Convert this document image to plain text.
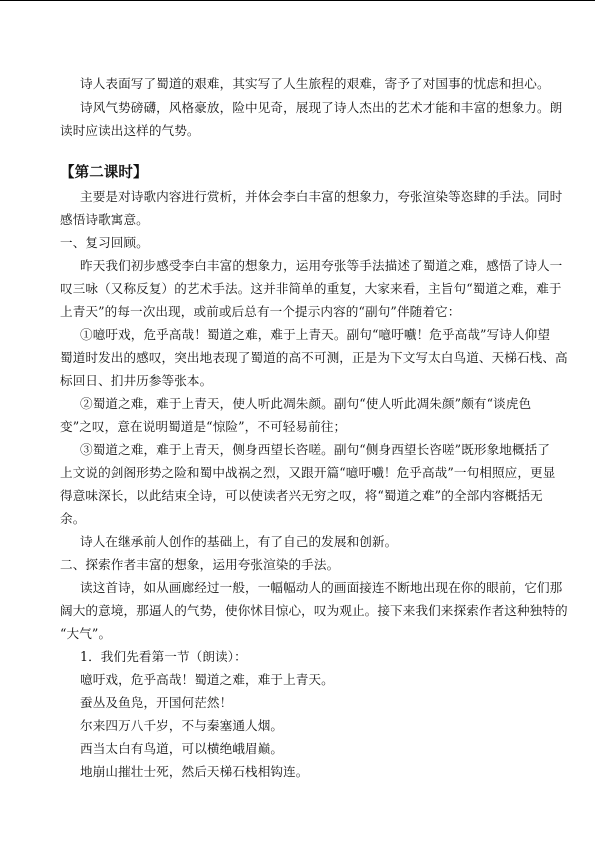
诗人表面写了蜀道的艰难，其实写了人生旅程的艰难，寄予了对国事的忧虑和担心。
诗风气势磅礴，风格豪放，险中见奇，展现了诗人杰出的艺术才能和丰富的想象力。朗
读时应读出这样的气势。
【第二课时】
主要是对诗歌内容进行赏析，并体会李白丰富的想象力，夸张渲染等恣肆的手法。同时
感悟诗歌寓意。
一、复习回顾。
昨天我们初步感受李白丰富的想象力，运用夸张等手法描述了蜀道之难，感悟了诗人一
叹三咏（又称反复）的艺术手法。这并非简单的重复，大家来看，主旨句“蜀道之难，难于
上青天”的每一次出现，或前或后总有一个提示内容的“副句”伴随着它：
①噫吁戏，危乎高哉！蜀道之难，难于上青天。副句“噫吁嚱！危乎高哉”写诗人仰望
蜀道时发出的感叹，突出地表现了蜀道的高不可测，正是为下文写太白鸟道、天梯石栈、高
标回日、扪井历参等张本。
②蜀道之难，难于上青天，使人听此凋朱颜。副句“使人听此凋朱颜”颇有“谈虎色
变”之叹，意在说明蜀道是“惊险”，不可轻易前往；
③蜀道之难，难于上青天，侧身西望长咨嗟。副句“侧身西望长咨嗟”既形象地概括了
上文说的剑阁形势之险和蜀中战祸之烈，又跟开篇“噫吁嚱！危乎高哉”一句相照应，更显
得意味深长，以此结束全诗，可以使读者兴无穷之叹，将“蜀道之难”的全部内容概括无
余。
诗人在继承前人创作的基础上，有了自己的发展和创新。
二、探索作者丰富的想象，运用夸张渲染的手法。
读这首诗，如从画廊经过一般，一幅幅动人的画面接连不断地出现在你的眼前，它们那
阔大的意境，那逼人的气势，使你怵目惊心，叹为观止。接下来我们来探索作者这种独特的
“大气”。
1．我们先看第一节（朗读）：
噫吁戏，危乎高哉！蜀道之难，难于上青天。
蚕丛及鱼凫，开国何茫然！
尔来四万八千岁，不与秦塞通人烟。
西当太白有鸟道，可以横绝峨眉巅。
地崩山摧壮士死，然后天梯石栈相钩连。
